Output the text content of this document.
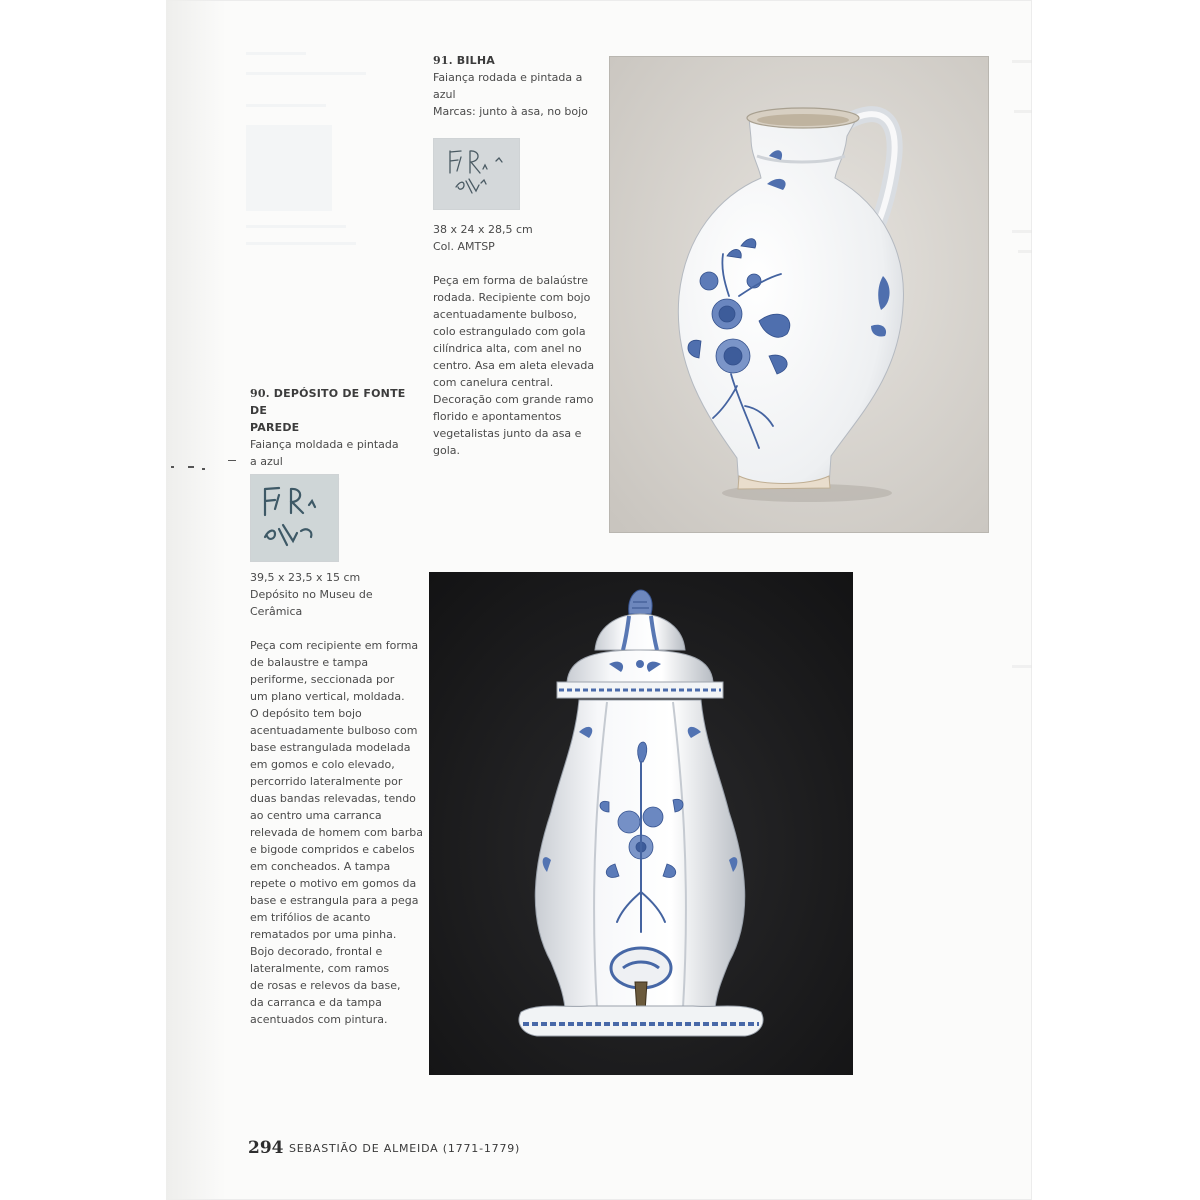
91. BILHA
Faiança rodada e pintada a
azul
Marcas: junto à asa, no bojo
38 x 24 x 28,5 cm
Col. AMTSP
Peça em forma de balaústre
rodada. Recipiente com bojo
acentuadamente bulboso,
colo estrangulado com gola
cilíndrica alta, com anel no
centro. Asa em aleta elevada
com canelura central.
Decoração com grande ramo
florido e apontamentos
vegetalistas junto da asa e
gola.
90. DEPÓSITO DE FONTE DE
PAREDE
Faiança moldada e pintada
a azul
39,5 x 23,5 x 15 cm
Depósito no Museu de
Cerâmica
Peça com recipiente em forma
de balaustre e tampa
periforme, seccionada por
um plano vertical, moldada.
O depósito tem bojo
acentuadamente bulboso com
base estrangulada modelada
em gomos e colo elevado,
percorrido lateralmente por
duas bandas relevadas, tendo
ao centro uma carranca
relevada de homem com barba
e bigode compridos e cabelos
em concheados. A tampa
repete o motivo em gomos da
base e estrangula para a pega
em trifólios de acanto
rematados por uma pinha.
Bojo decorado, frontal e
lateralmente, com ramos
de rosas e relevos da base,
da carranca e da tampa
acentuados com pintura.
294 SEBASTIÃO DE ALMEIDA (1771-1779)
